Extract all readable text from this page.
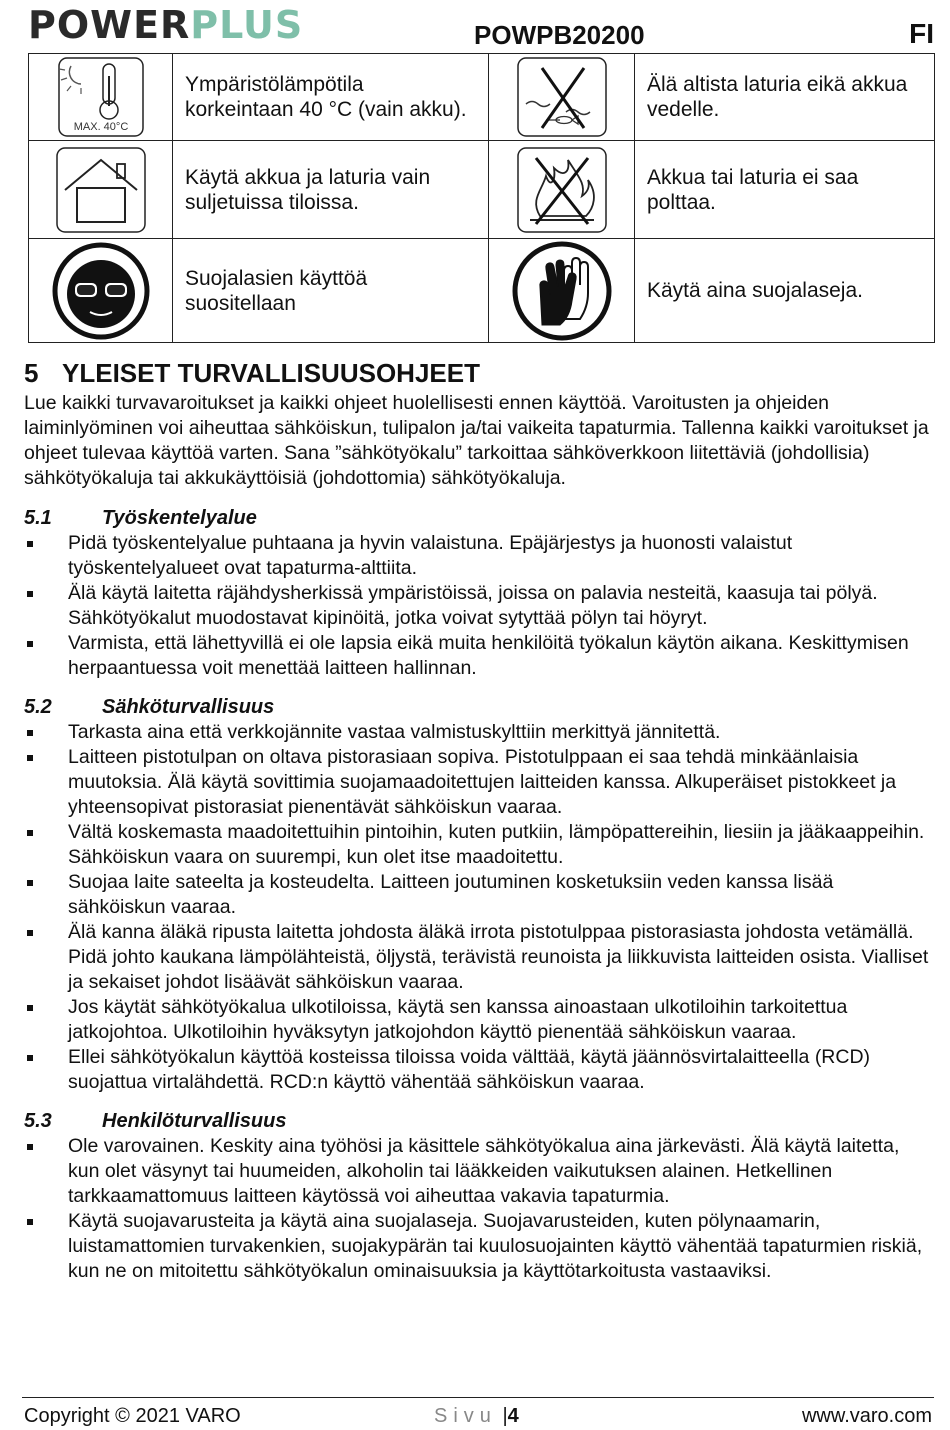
POWERPLUS	POWPB20200	FI
MAX. 40°C	Ympäristölämpötila korkeintaan 40 °C (vain akku).		Älä altista laturia eikä akkua vedelle.

	Käytä akkua ja laturia vain suljetuissa tiloissa.		Akkua tai laturia ei saa polttaa.

	Suojalasien käyttöä suositellaan		Käytä aina suojalaseja.
5 YLEISET TURVALLISUUSOHJEET
Lue kaikki turvavaroitukset ja kaikki ohjeet huolellisesti ennen käyttöä. Varoitusten ja ohjeiden laiminlyöminen voi aiheuttaa sähköiskun, tulipalon ja/tai vaikeita tapaturmia. Tallenna kaikki varoitukset ja ohjeet tulevaa käyttöä varten. Sana ”sähkötyökalu” tarkoittaa sähköverkkoon liitettäviä (johdollisia) sähkötyökaluja tai akkukäyttöisiä (johdottomia) sähkötyökaluja.
5.1	Työskentelyalue
Pidä työskentelyalue puhtaana ja hyvin valaistuna. Epäjärjestys ja huonosti valaistut työskentelyalueet ovat tapaturma-alttiita.
Älä käytä laitetta räjähdysherkissä ympäristöissä, joissa on palavia nesteitä, kaasuja tai pölyä. Sähkötyökalut muodostavat kipinöitä, jotka voivat sytyttää pölyn tai höyryt.
Varmista, että lähettyvillä ei ole lapsia eikä muita henkilöitä työkalun käytön aikana. Keskittymisen herpaantuessa voit menettää laitteen hallinnan.
5.2	Sähköturvallisuus
Tarkasta aina että verkkojännite vastaa valmistuskylttiin merkittyä jännitettä.
Laitteen pistotulpan on oltava pistorasiaan sopiva. Pistotulppaan ei saa tehdä minkäänlaisia muutoksia. Älä käytä sovittimia suojamaadoitettujen laitteiden kanssa. Alkuperäiset pistokkeet ja yhteensopivat pistorasiat pienentävät sähköiskun vaaraa.
Vältä koskemasta maadoitettuihin pintoihin, kuten putkiin, lämpöpattereihin, liesiin ja jääkaappeihin. Sähköiskun vaara on suurempi, kun olet itse maadoitettu.
Suojaa laite sateelta ja kosteudelta. Laitteen joutuminen kosketuksiin veden kanssa lisää sähköiskun vaaraa.
Älä kanna äläkä ripusta laitetta johdosta äläkä irrota pistotulppaa pistorasiasta johdosta vetämällä. Pidä johto kaukana lämpölähteistä, öljystä, terävistä reunoista ja liikkuvista laitteiden osista. Vialliset ja sekaiset johdot lisäävät sähköiskun vaaraa.
Jos käytät sähkötyökalua ulkotiloissa, käytä sen kanssa ainoastaan ulkotiloihin tarkoitettua jatkojohtoa. Ulkotiloihin hyväksytyn jatkojohdon käyttö pienentää sähköiskun vaaraa.
Ellei sähkötyökalun käyttöä kosteissa tiloissa voida välttää, käytä jäännösvirtalaitteella (RCD) suojattua virtalähdettä. RCD:n käyttö vähentää sähköiskun vaaraa.
5.3	Henkilöturvallisuus
Ole varovainen. Keskity aina työhösi ja käsittele sähkötyökalua aina järkevästi. Älä käytä laitetta, kun olet väsynyt tai huumeiden, alkoholin tai lääkkeiden vaikutuksen alainen. Hetkellinen tarkkaamattomuus laitteen käytössä voi aiheuttaa vakavia tapaturmia.
Käytä suojavarusteita ja käytä aina suojalaseja. Suojavarusteiden, kuten pölynaamarin, luistamattomien turvakenkien, suojakypärän tai kuulosuojainten käyttö vähentää tapaturmien riskiä, kun ne on mitoitettu sähkötyökalun ominaisuuksia ja käyttötarkoitusta vastaaviksi.
Copyright © 2021 VARO	Sivu |4	www.varo.com
